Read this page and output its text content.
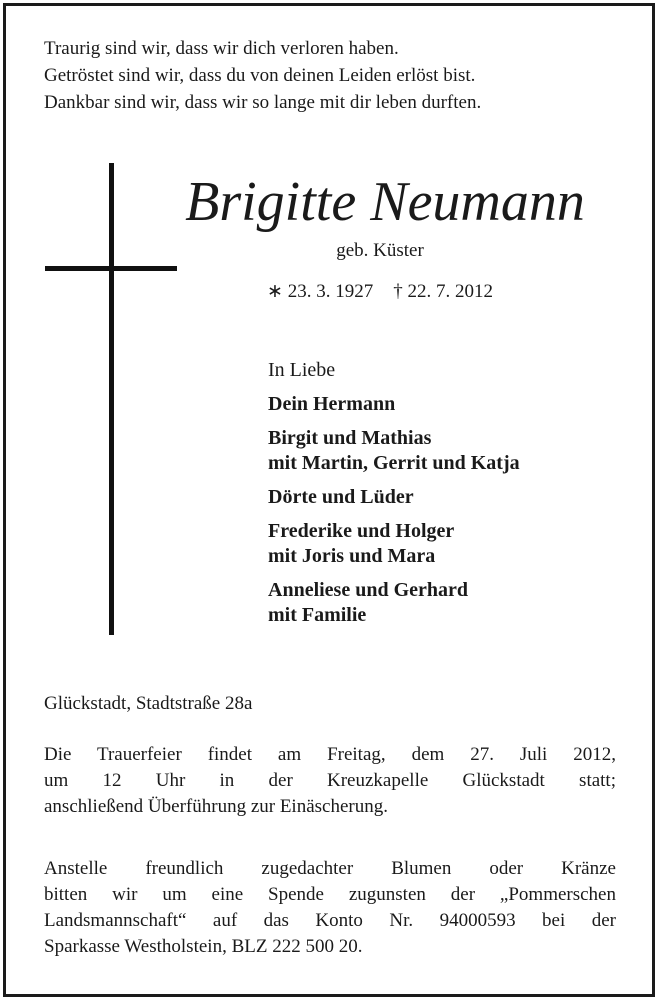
Traurig sind wir, dass wir dich verloren haben.
Getröstet sind wir, dass du von deinen Leiden erlöst bist.
Dankbar sind wir, dass wir so lange mit dir leben durften.
Brigitte Neumann
geb. Küster
∗ 23. 3. 1927 † 22. 7. 2012
In Liebe
Dein Hermann
Birgit und Mathias
mit Martin, Gerrit und Katja
Dörte und Lüder
Frederike und Holger
mit Joris und Mara
Anneliese und Gerhard
mit Familie
Glückstadt, Stadtstraße 28a
Die Trauerfeier findet am Freitag, dem 27. Juli 2012,
um 12 Uhr in der Kreuzkapelle Glückstadt statt;
anschließend Überführung zur Einäscherung.
Anstelle freundlich zugedachter Blumen oder Kränze
bitten wir um eine Spende zugunsten der „Pommerschen
Landsmannschaft“ auf das Konto Nr. 94000593 bei der
Sparkasse Westholstein, BLZ 222 500 20.
